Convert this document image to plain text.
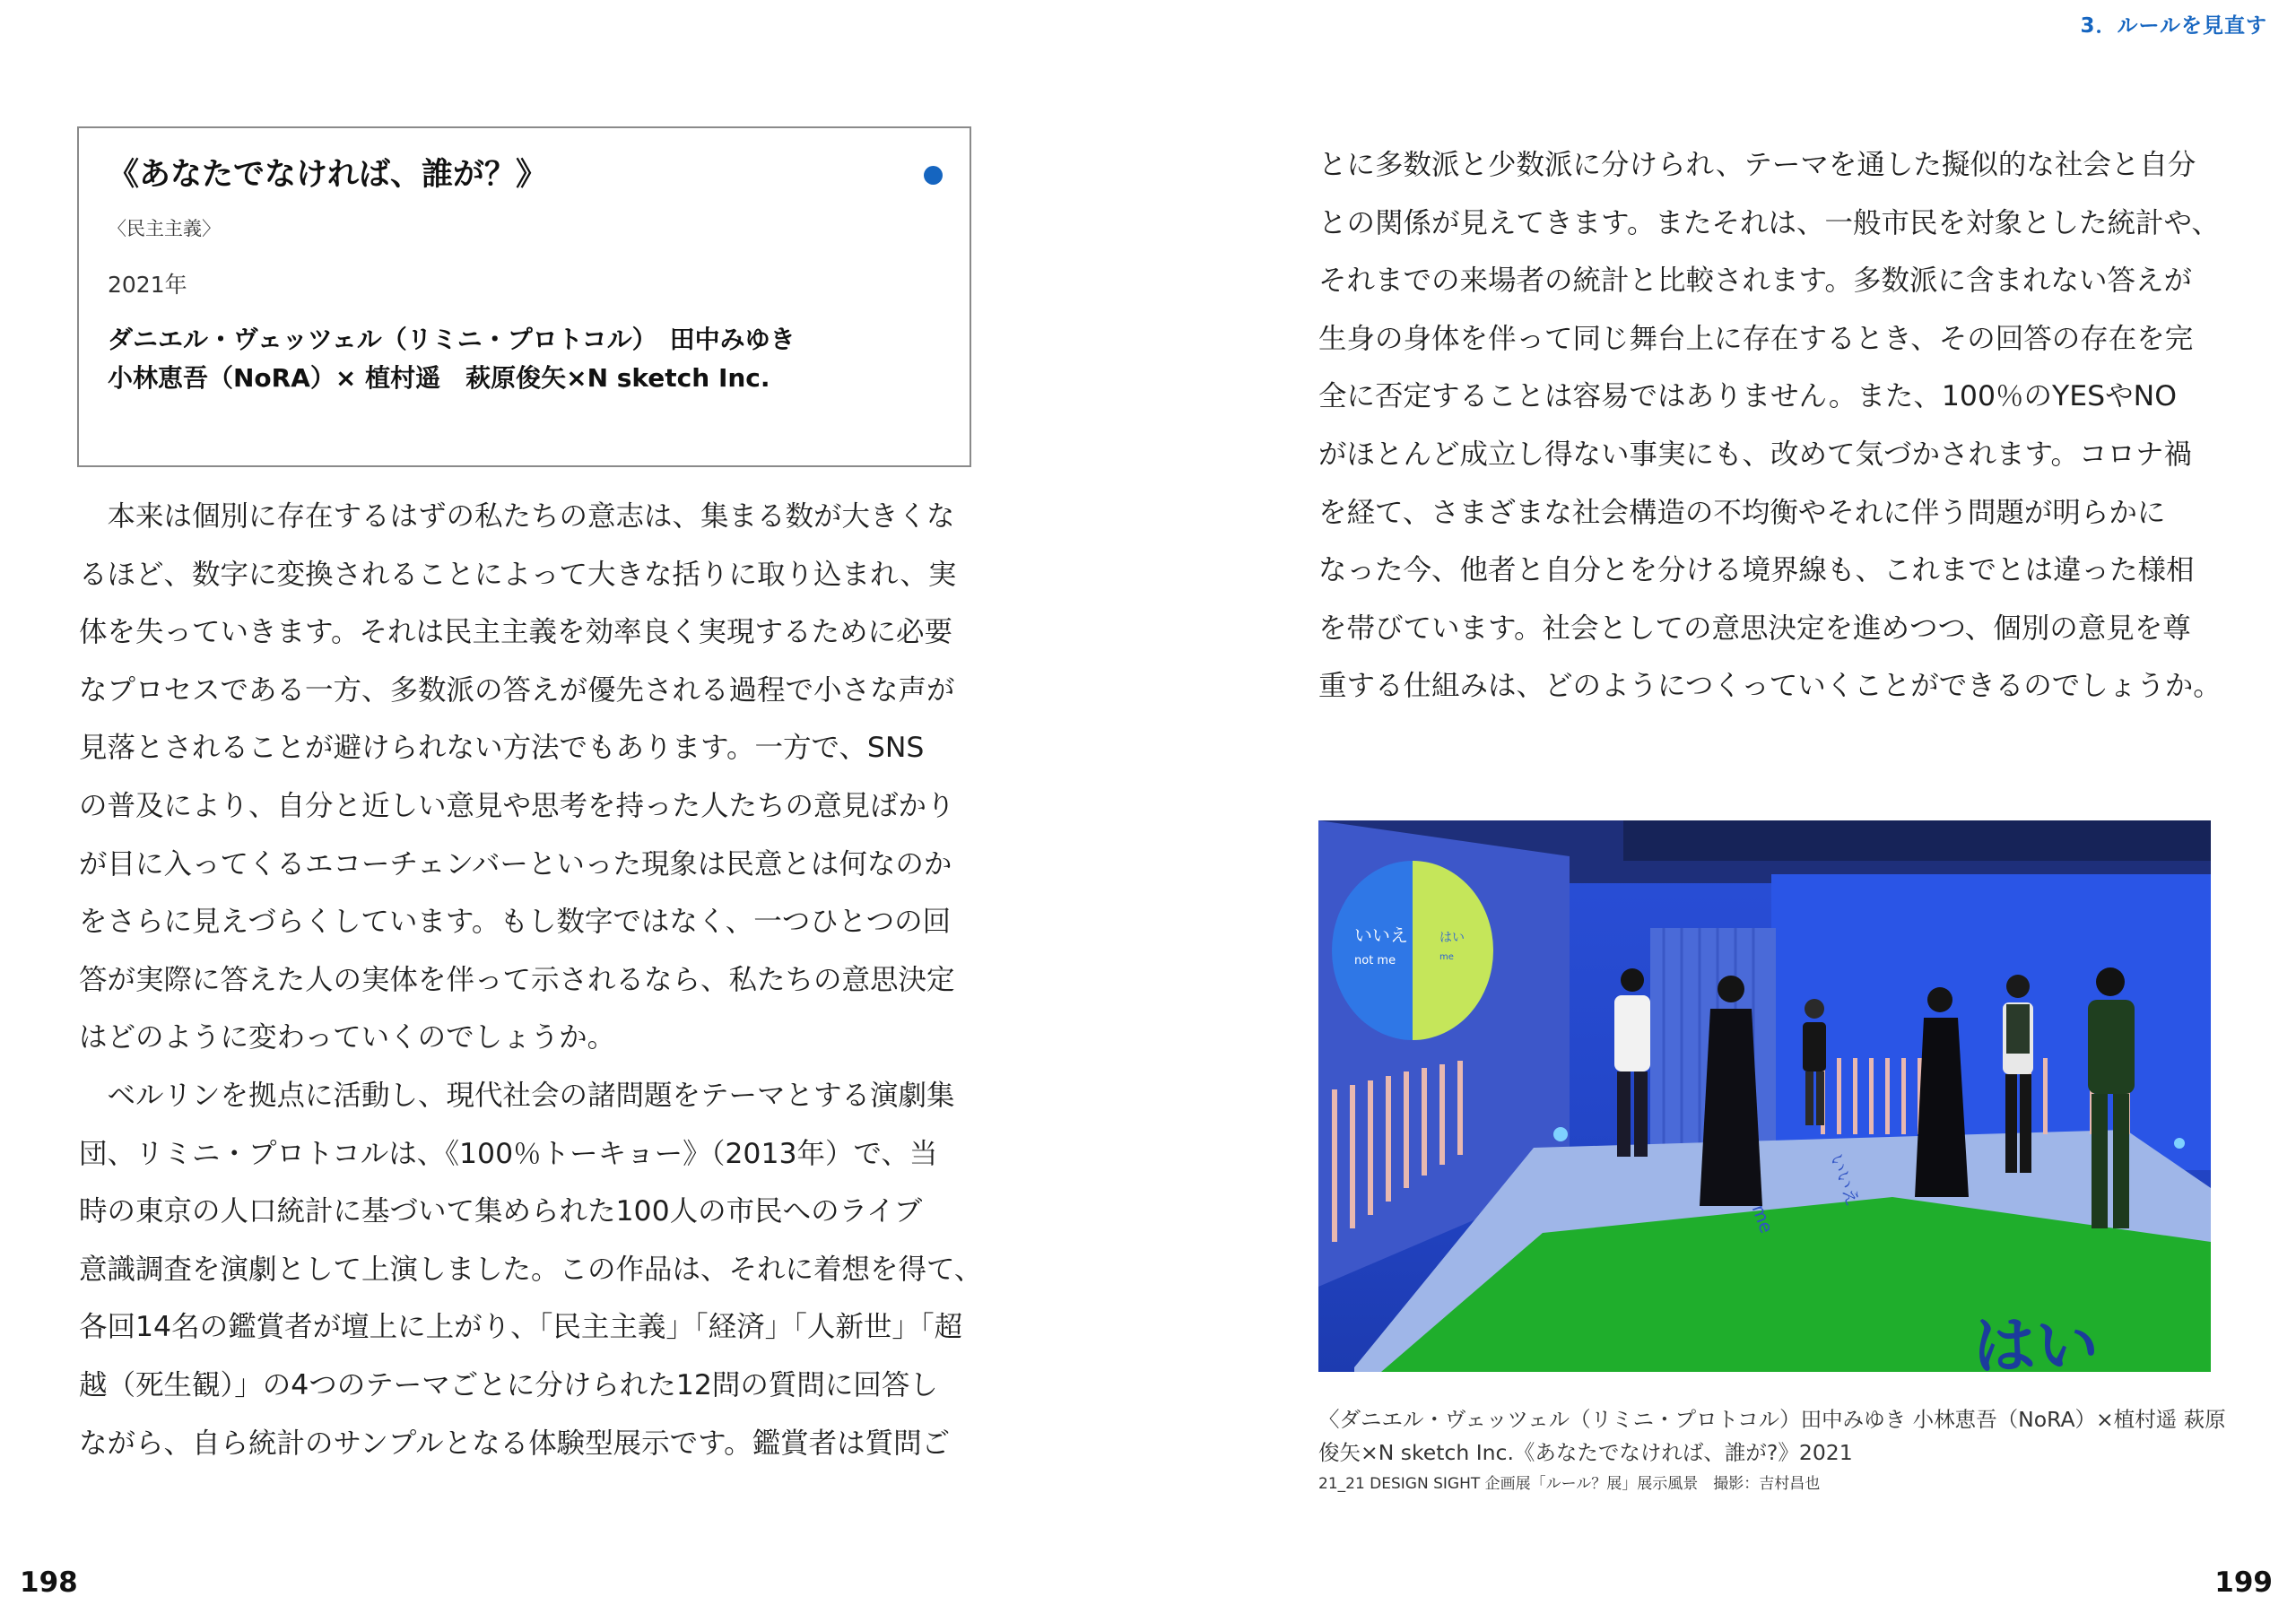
3．ルールを見直す
《あなたでなければ、誰が？》
〈民主主義〉
2021年
ダニエル・ヴェッツェル（リミニ・プロトコル）　田中みゆき
小林恵吾（NoRA）× 植村遥　萩原俊矢×N sketch Inc.
　本来は個別に存在するはずの私たちの意志は、集まる数が大きくな
るほど、数字に変換されることによって大きな括りに取り込まれ、実
体を失っていきます。それは民主主義を効率良く実現するために必要
なプロセスである一方、多数派の答えが優先される過程で小さな声が
見落とされることが避けられない方法でもあります。一方で、SNS
の普及により、自分と近しい意見や思考を持った人たちの意見ばかり
が目に入ってくるエコーチェンバーといった現象は民意とは何なのか
をさらに見えづらくしています。もし数字ではなく、一つひとつの回
答が実際に答えた人の実体を伴って示されるなら、私たちの意思決定
はどのように変わっていくのでしょうか。
　ベルリンを拠点に活動し、現代社会の諸問題をテーマとする演劇集
団、リミニ・プロトコルは、《100％トーキョー》（2013年）で、当
時の東京の人口統計に基づいて集められた100人の市民へのライブ
意識調査を演劇として上演しました。この作品は、それに着想を得て、
各回14名の鑑賞者が壇上に上がり、「民主主義」「経済」「人新世」「超
越（死生観）」の4つのテーマごとに分けられた12問の質問に回答し
ながら、自ら統計のサンプルとなる体験型展示です。鑑賞者は質問ご
とに多数派と少数派に分けられ、テーマを通した擬似的な社会と自分
との関係が見えてきます。またそれは、一般市民を対象とした統計や、
それまでの来場者の統計と比較されます。多数派に含まれない答えが
生身の身体を伴って同じ舞台上に存在するとき、その回答の存在を完
全に否定することは容易ではありません。また、100％のYESやNO
がほとんど成立し得ない事実にも、改めて気づかされます。コロナ禍
を経て、さまざまな社会構造の不均衡やそれに伴う問題が明らかに
なった今、他者と自分とを分ける境界線も、これまでとは違った様相
を帯びています。社会としての意思決定を進めつつ、個別の意見を尊
重する仕組みは、どのようにつくっていくことができるのでしょうか。
いいえ
not me
はい
me
はい
me
いいえ
〈ダニエル・ヴェッツェル（リミニ・プロトコル）田中みゆき 小林恵吾（NoRA）×植村遥 萩原
俊矢×N sketch Inc.《あなたでなければ、誰が?》2021
21_21 DESIGN SIGHT 企画展「ルール？展」展示風景　撮影：吉村昌也
198	199
